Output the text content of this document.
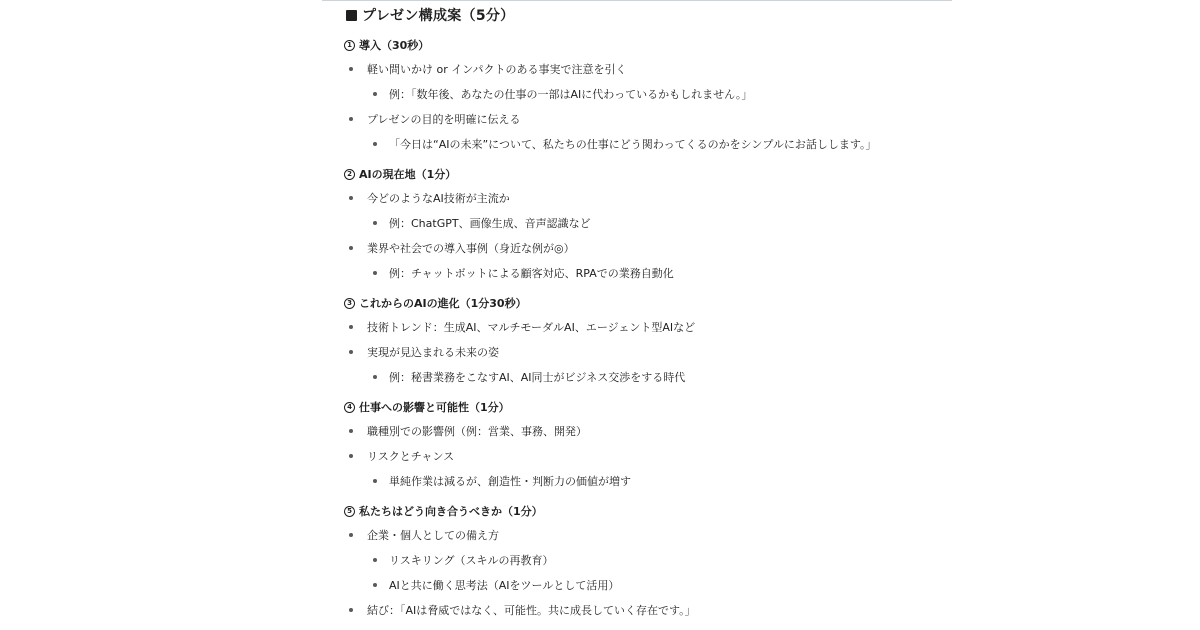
プレゼン構成案（5分）
1 導入（30秒）
軽い問いかけ or インパクトのある事実で注意を引く
例：「数年後、あなたの仕事の一部はAIに代わっているかもしれません。」
プレゼンの目的を明確に伝える
「今日は“AIの未来”について、私たちの仕事にどう関わってくるのかをシンプルにお話しします。」
2 AIの現在地（1分）
今どのようなAI技術が主流か
例：ChatGPT、画像生成、音声認識など
業界や社会での導入事例（身近な例が◎）
例：チャットボットによる顧客対応、RPAでの業務自動化
3 これからのAIの進化（1分30秒）
技術トレンド：生成AI、マルチモーダルAI、エージェント型AIなど
実現が見込まれる未来の姿
例：秘書業務をこなすAI、AI同士がビジネス交渉をする時代
4 仕事への影響と可能性（1分）
職種別での影響例（例：営業、事務、開発）
リスクとチャンス
単純作業は減るが、創造性・判断力の価値が増す
5 私たちはどう向き合うべきか（1分）
企業・個人としての備え方
リスキリング（スキルの再教育）
AIと共に働く思考法（AIをツールとして活用）
結び：「AIは脅威ではなく、可能性。共に成長していく存在です。」
